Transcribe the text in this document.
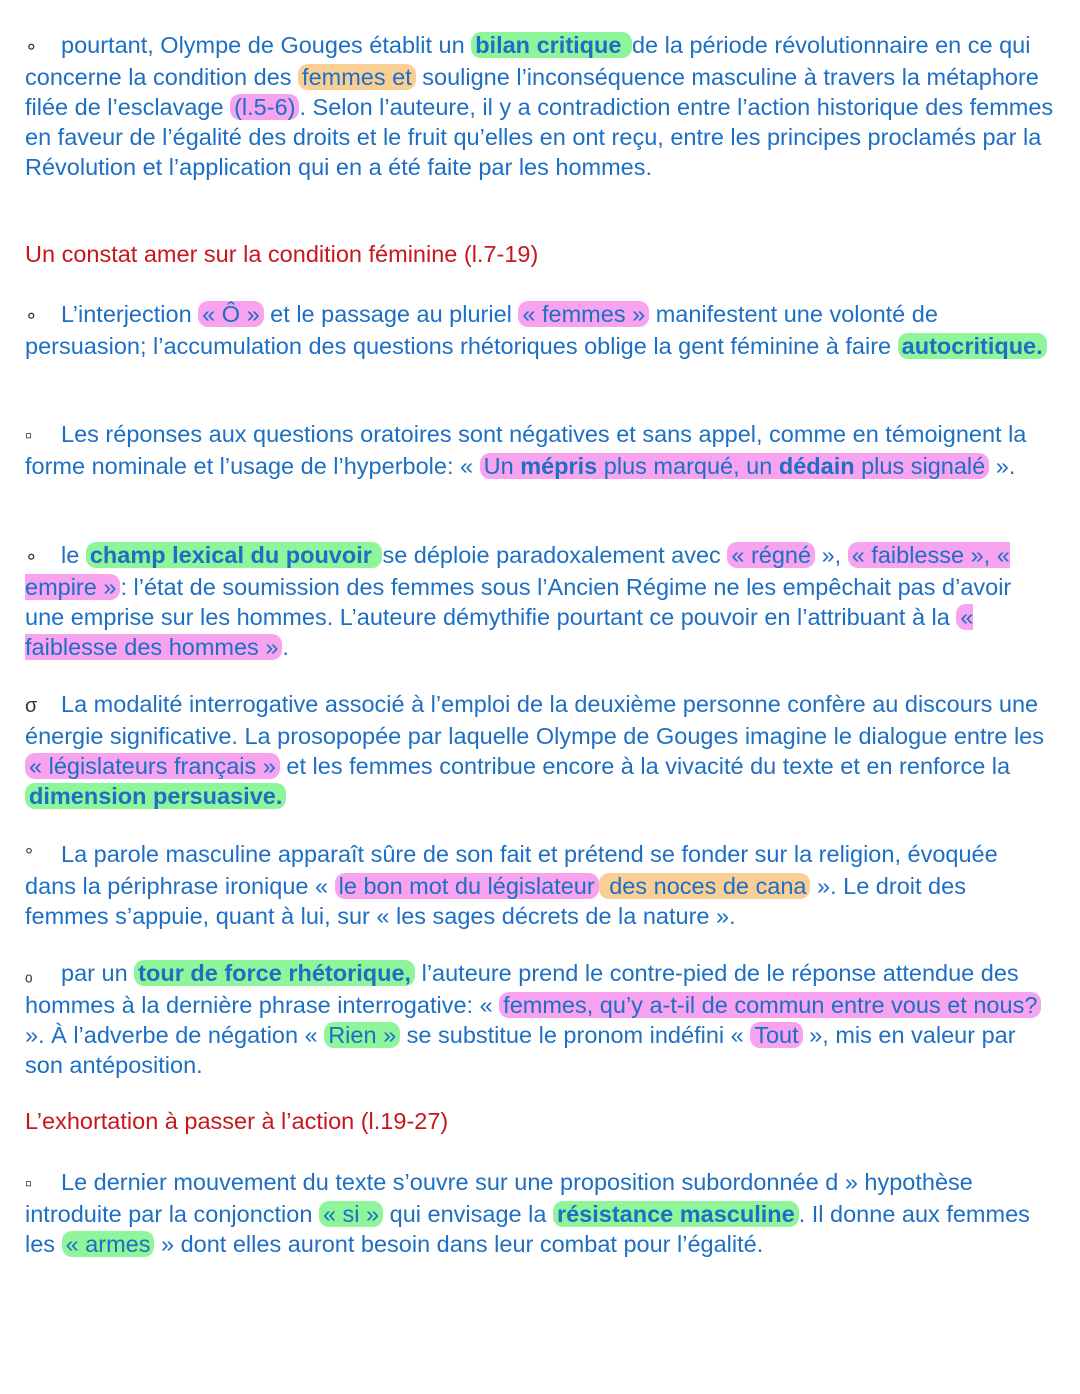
∘ pourtant, Olympe de Gouges établit un bilan critique de la période révolutionnaire en ce qui concerne la condition des femmes et souligne l’inconséquence masculine à travers la métaphore filée de l’esclavage (l.5-6) . Selon l’auteure, il y a contradiction entre l’action historique des femmes en faveur de l’égalité des droits et le fruit qu’elles en ont reçu, entre les principes proclamés par la Révolution et l’application qui en a été faite par les hommes.
Un constat amer sur la condition féminine (l.7-19)
∘ L’interjection « Ô » et le passage au pluriel « femmes » manifestent une volonté de persuasion; l’accumulation des questions rhétoriques oblige la gent féminine à faire autocritique.
▫ Les réponses aux questions oratoires sont négatives et sans appel, comme en témoignent la forme nominale et l’usage de l’hyperbole: « Un mépris plus marqué, un dédain plus signalé ».
∘ le champ lexical du pouvoir se déploie paradoxalement avec « régné », « faiblesse », « empire » : l’état de soumission des femmes sous l’Ancien Régime ne les empêchait pas d’avoir une emprise sur les hommes. L’auteure démythifie pourtant ce pouvoir en l’attribuant à la « faiblesse des hommes » .
σ La modalité interrogative associé à l’emploi de la deuxième personne confère au discours une énergie significative. La prosopopée par laquelle Olympe de Gouges imagine le dialogue entre les « législateurs français » et les femmes contribue encore à la vivacité du texte et en renforce la dimension persuasive.
° La parole masculine apparaît sûre de son fait et prétend se fonder sur la religion, évoquée dans la périphrase ironique « le bon mot du législateur des noces de cana ». Le droit des femmes s’appuie, quant à lui, sur « les sages décrets de la nature ».
ₒ par un tour de force rhétorique, l’auteure prend le contre-pied de le réponse attendue des hommes à la dernière phrase interrogative: « femmes, qu’y a-t-il de commun entre vous et nous? ». À l’adverbe de négation « Rien » se substitue le pronom indéfini « Tout », mis en valeur par son antéposition.
L’exhortation à passer à l’action (l.19-27)
▫ Le dernier mouvement du texte s’ouvre sur une proposition subordonnée d » hypothèse introduite par la conjonction « si » qui envisage la résistance masculine . Il donne aux femmes les « armes » dont elles auront besoin dans leur combat pour l’égalité.
